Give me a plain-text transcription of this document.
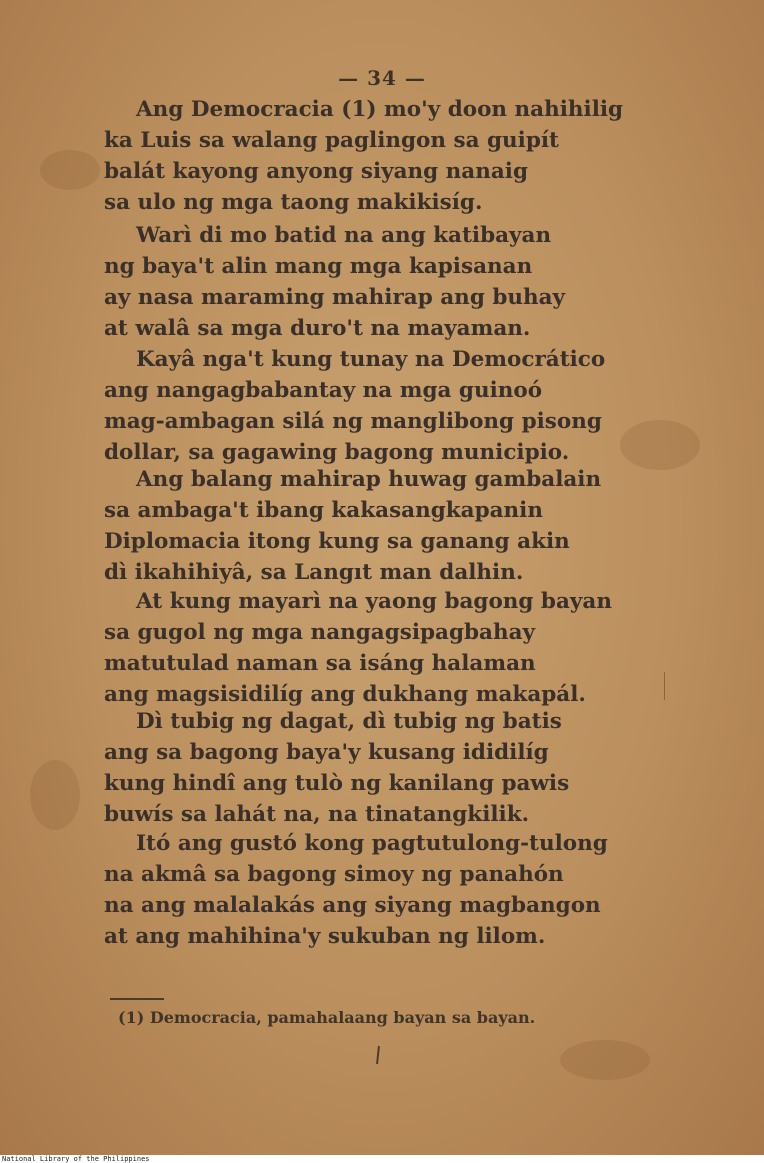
— 34 —
Ang Democracia (1) mo'y doon nahihilig
ka Luis sa walang paglingon sa guipít
balát kayong anyong siyang nanaig
sa ulo ng mga taong makikisíg.
Warì di mo batid na ang katibayan
ng baya't alin mang mga kapisanan
ay nasa maraming mahirap ang buhay
at walâ sa mga duro't na mayaman.
Kayâ nga't kung tunay na Democrático
ang nangagbabantay na mga guinoó
mag-ambagan silá ng manglibong pisong
dollar, sa gagawing bagong municipio.
Ang balang mahirap huwag gambalain
sa ambaga't ibang kakasangkapanin
Diplomacia itong kung sa ganang akin
dì ikahihiyâ, sa Langıt man dalhin.
At kung mayarì na yaong bagong bayan
sa gugol ng mga nangagsipagbahay
matutulad naman sa isáng halaman
ang magsisidilíg ang dukhang makapál.
Dì tubig ng dagat, dì tubig ng batis
ang sa bagong baya'y kusang ididilíg
kung hindî ang tulò ng kanilang pawis
buwís sa lahát na, na tinatangkilik.
Itó ang gustó kong pagtutulong-tulong
na akmâ sa bagong simoy ng panahón
na ang malalakás ang siyang magbangon
at ang mahihina'y sukuban ng lilom.
(1) Democracia, pamahalaang bayan sa bayan.
National Library of the Philippines
